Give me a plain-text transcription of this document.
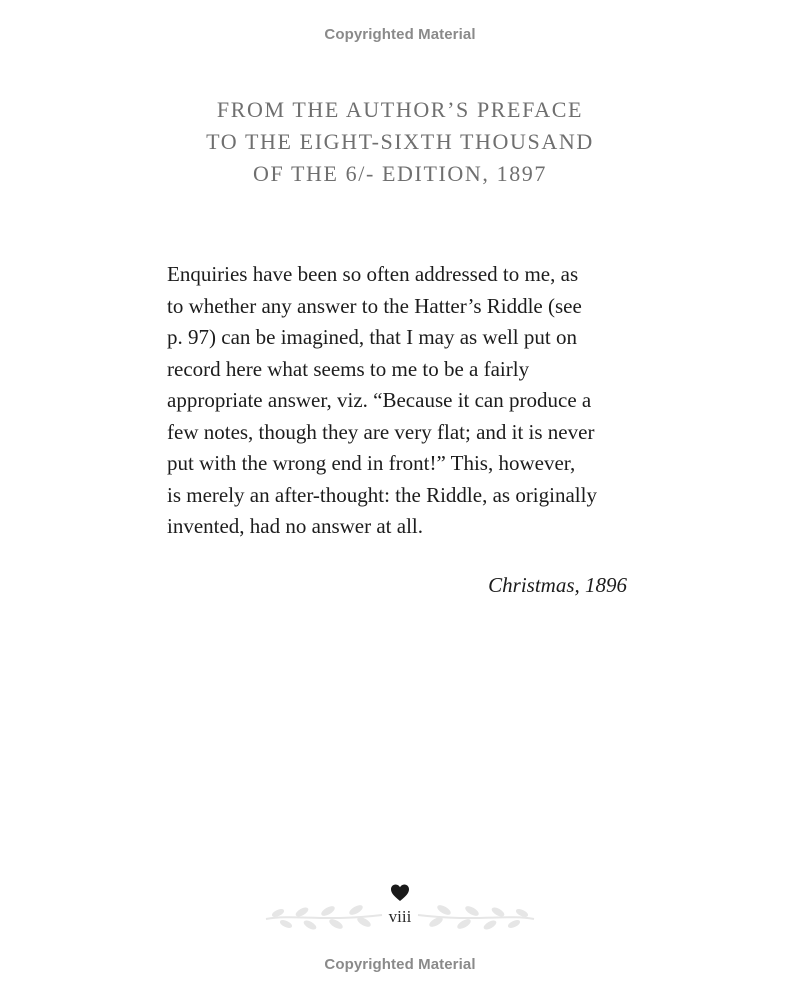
Copyrighted Material
FROM THE AUTHOR’S PREFACE
TO THE EIGHT-SIXTH THOUSAND
OF THE 6/- EDITION, 1897
Enquiries have been so often addressed to me, as
to whether any answer to the Hatter’s Riddle (see
p. 97) can be imagined, that I may as well put on
record here what seems to me to be a fairly
appropriate answer, viz. “Because it can produce a
few notes, though they are very flat; and it is never
put with the wrong end in front!” This, however,
is merely an after-thought: the Riddle, as originally
invented, had no answer at all.
Christmas, 1896
viii
Copyrighted Material
